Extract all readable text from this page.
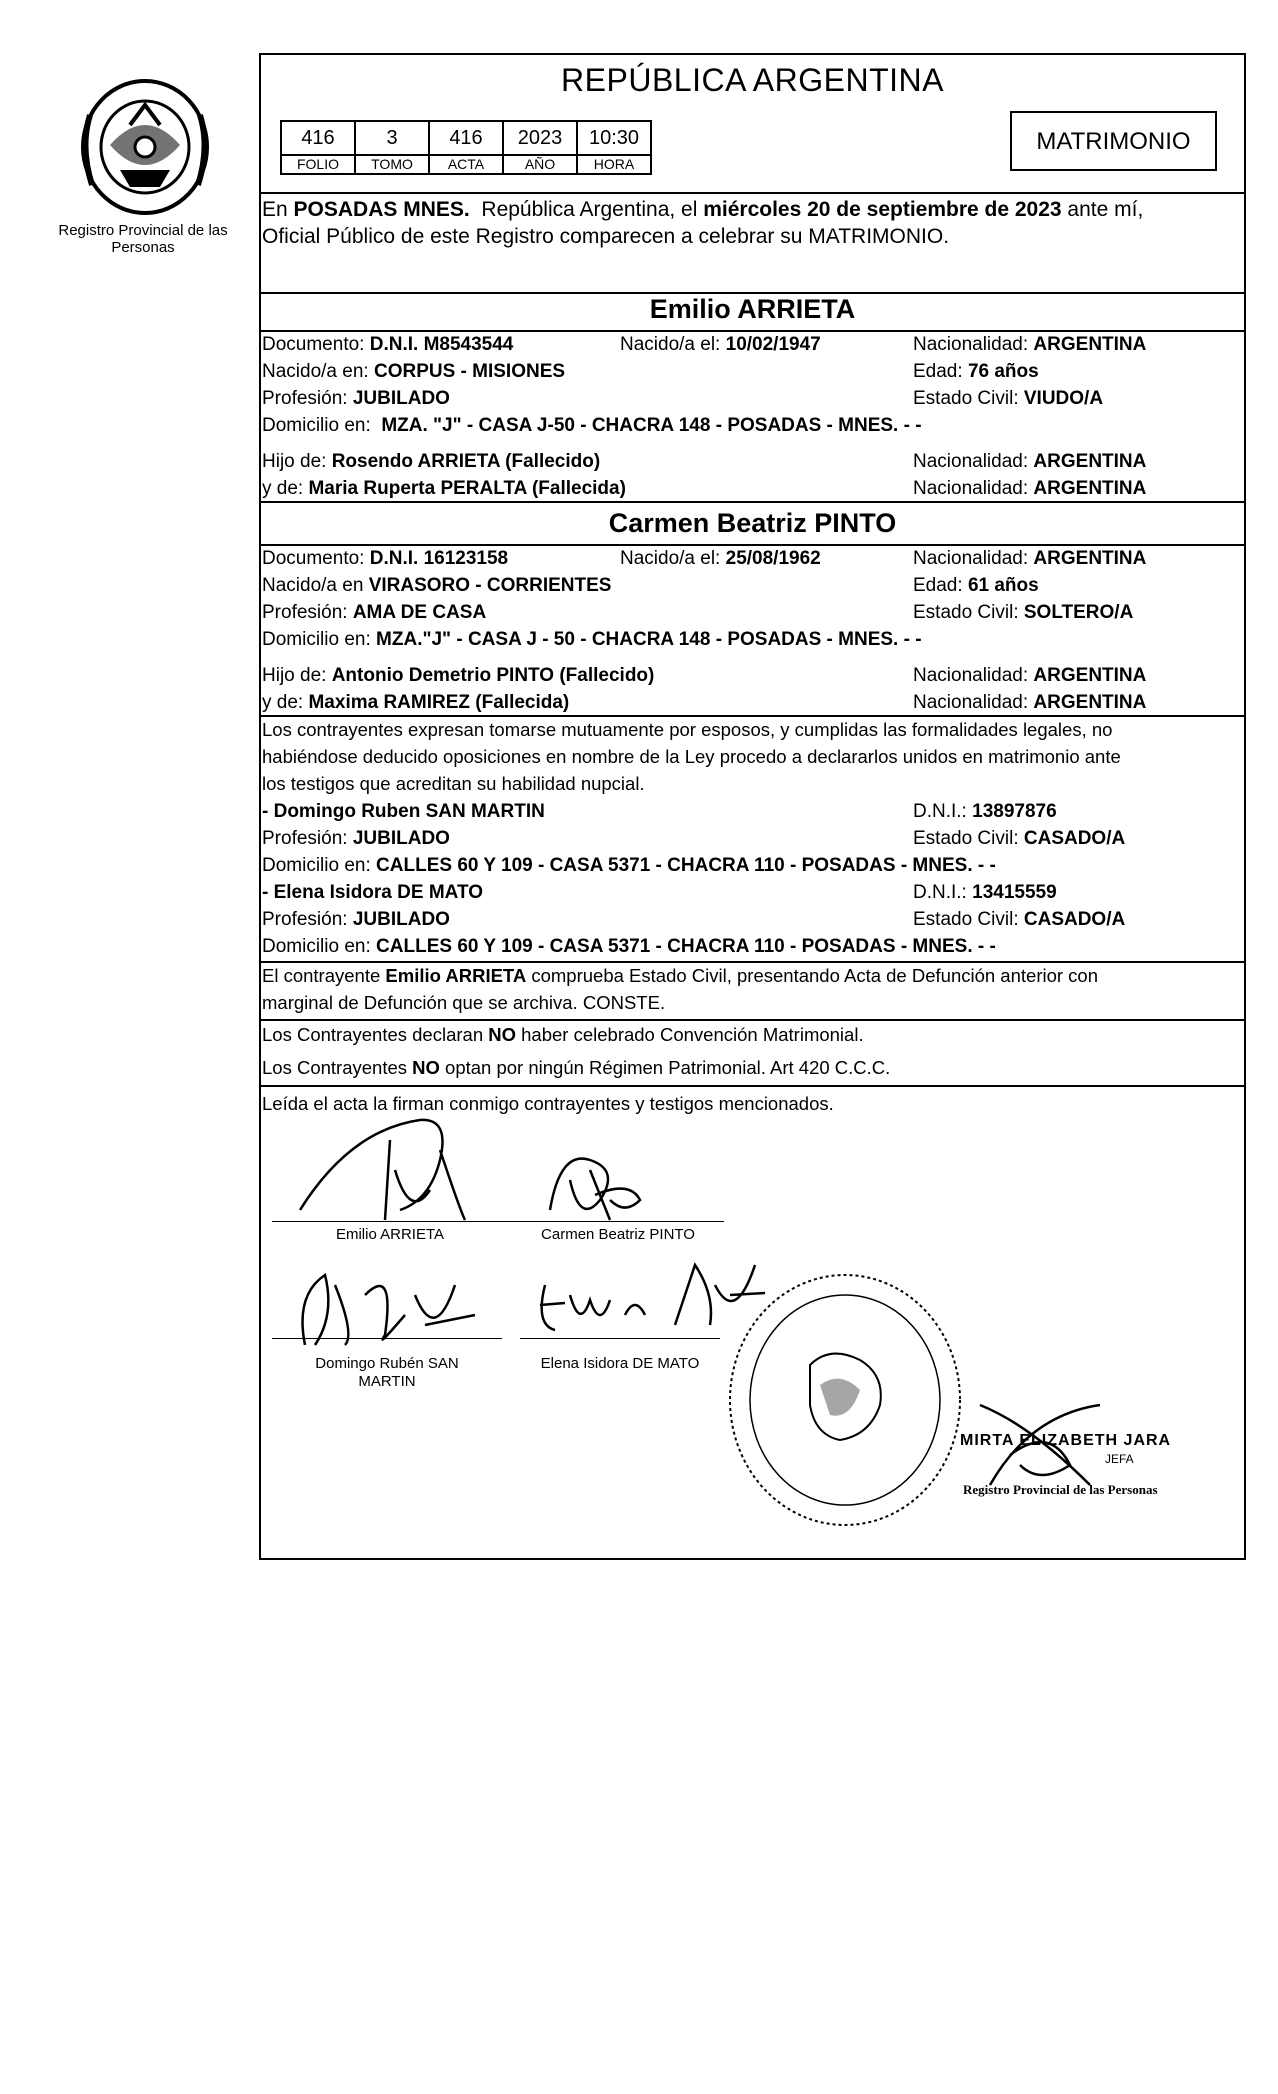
Registro Provincial de las Personas
REPÚBLICA ARGENTINA
416	3	416	2023	10:30
FOLIO	TOMO	ACTA	AÑO	HORA
MATRIMONIO
En POSADAS MNES.  República Argentina, el miércoles 20 de septiembre de 2023 ante mí,
Oficial Público de este Registro comparecen a celebrar su MATRIMONIO.
Emilio ARRIETA
Documento: D.N.I. M8543544	Nacido/a el: 10/02/1947	Nacionalidad: ARGENTINA
Nacido/a en: CORPUS - MISIONES	Edad: 76 años
Profesión: JUBILADO	Estado Civil: VIUDO/A
Domicilio en:  MZA. "J" - CASA J-50 - CHACRA 148 - POSADAS - MNES. - -
Hijo de: Rosendo ARRIETA (Fallecido)	Nacionalidad: ARGENTINA
y de: Maria Ruperta PERALTA (Fallecida)	Nacionalidad: ARGENTINA
Carmen Beatriz PINTO
Documento: D.N.I. 16123158	Nacido/a el: 25/08/1962	Nacionalidad: ARGENTINA
Nacido/a en VIRASORO - CORRIENTES	Edad: 61 años
Profesión: AMA DE CASA	Estado Civil: SOLTERO/A
Domicilio en: MZA."J" - CASA J - 50 - CHACRA 148 - POSADAS - MNES. - -
Hijo de: Antonio Demetrio PINTO (Fallecido)	Nacionalidad: ARGENTINA
y de: Maxima RAMIREZ (Fallecida)	Nacionalidad: ARGENTINA
Los contrayentes expresan tomarse mutuamente por esposos, y cumplidas las formalidades legales, no
habiéndose deducido oposiciones en nombre de la Ley procedo a declararlos unidos en matrimonio ante
los testigos que acreditan su habilidad nupcial.
- Domingo Ruben SAN MARTIN	D.N.I.: 13897876
Profesión: JUBILADO	Estado Civil: CASADO/A
Domicilio en: CALLES 60 Y 109 - CASA 5371 - CHACRA 110 - POSADAS - MNES. - -
- Elena Isidora DE MATO	D.N.I.: 13415559
Profesión: JUBILADO	Estado Civil: CASADO/A
Domicilio en: CALLES 60 Y 109 - CASA 5371 - CHACRA 110 - POSADAS - MNES. - -
El contrayente Emilio ARRIETA comprueba Estado Civil, presentando Acta de Defunción anterior con
marginal de Defunción que se archiva. CONSTE.
Los Contrayentes declaran NO haber celebrado Convención Matrimonial.
Los Contrayentes NO optan por ningún Régimen Patrimonial. Art 420 C.C.C.
Leída el acta la firman conmigo contrayentes y testigos mencionados.
Emilio ARRIETA	Carmen Beatriz PINTO
Domingo Rubén SAN
MARTIN
Elena Isidora DE MATO
MIRTA ELIZABETH JARA
JEFA
Registro Provincial de las Personas
